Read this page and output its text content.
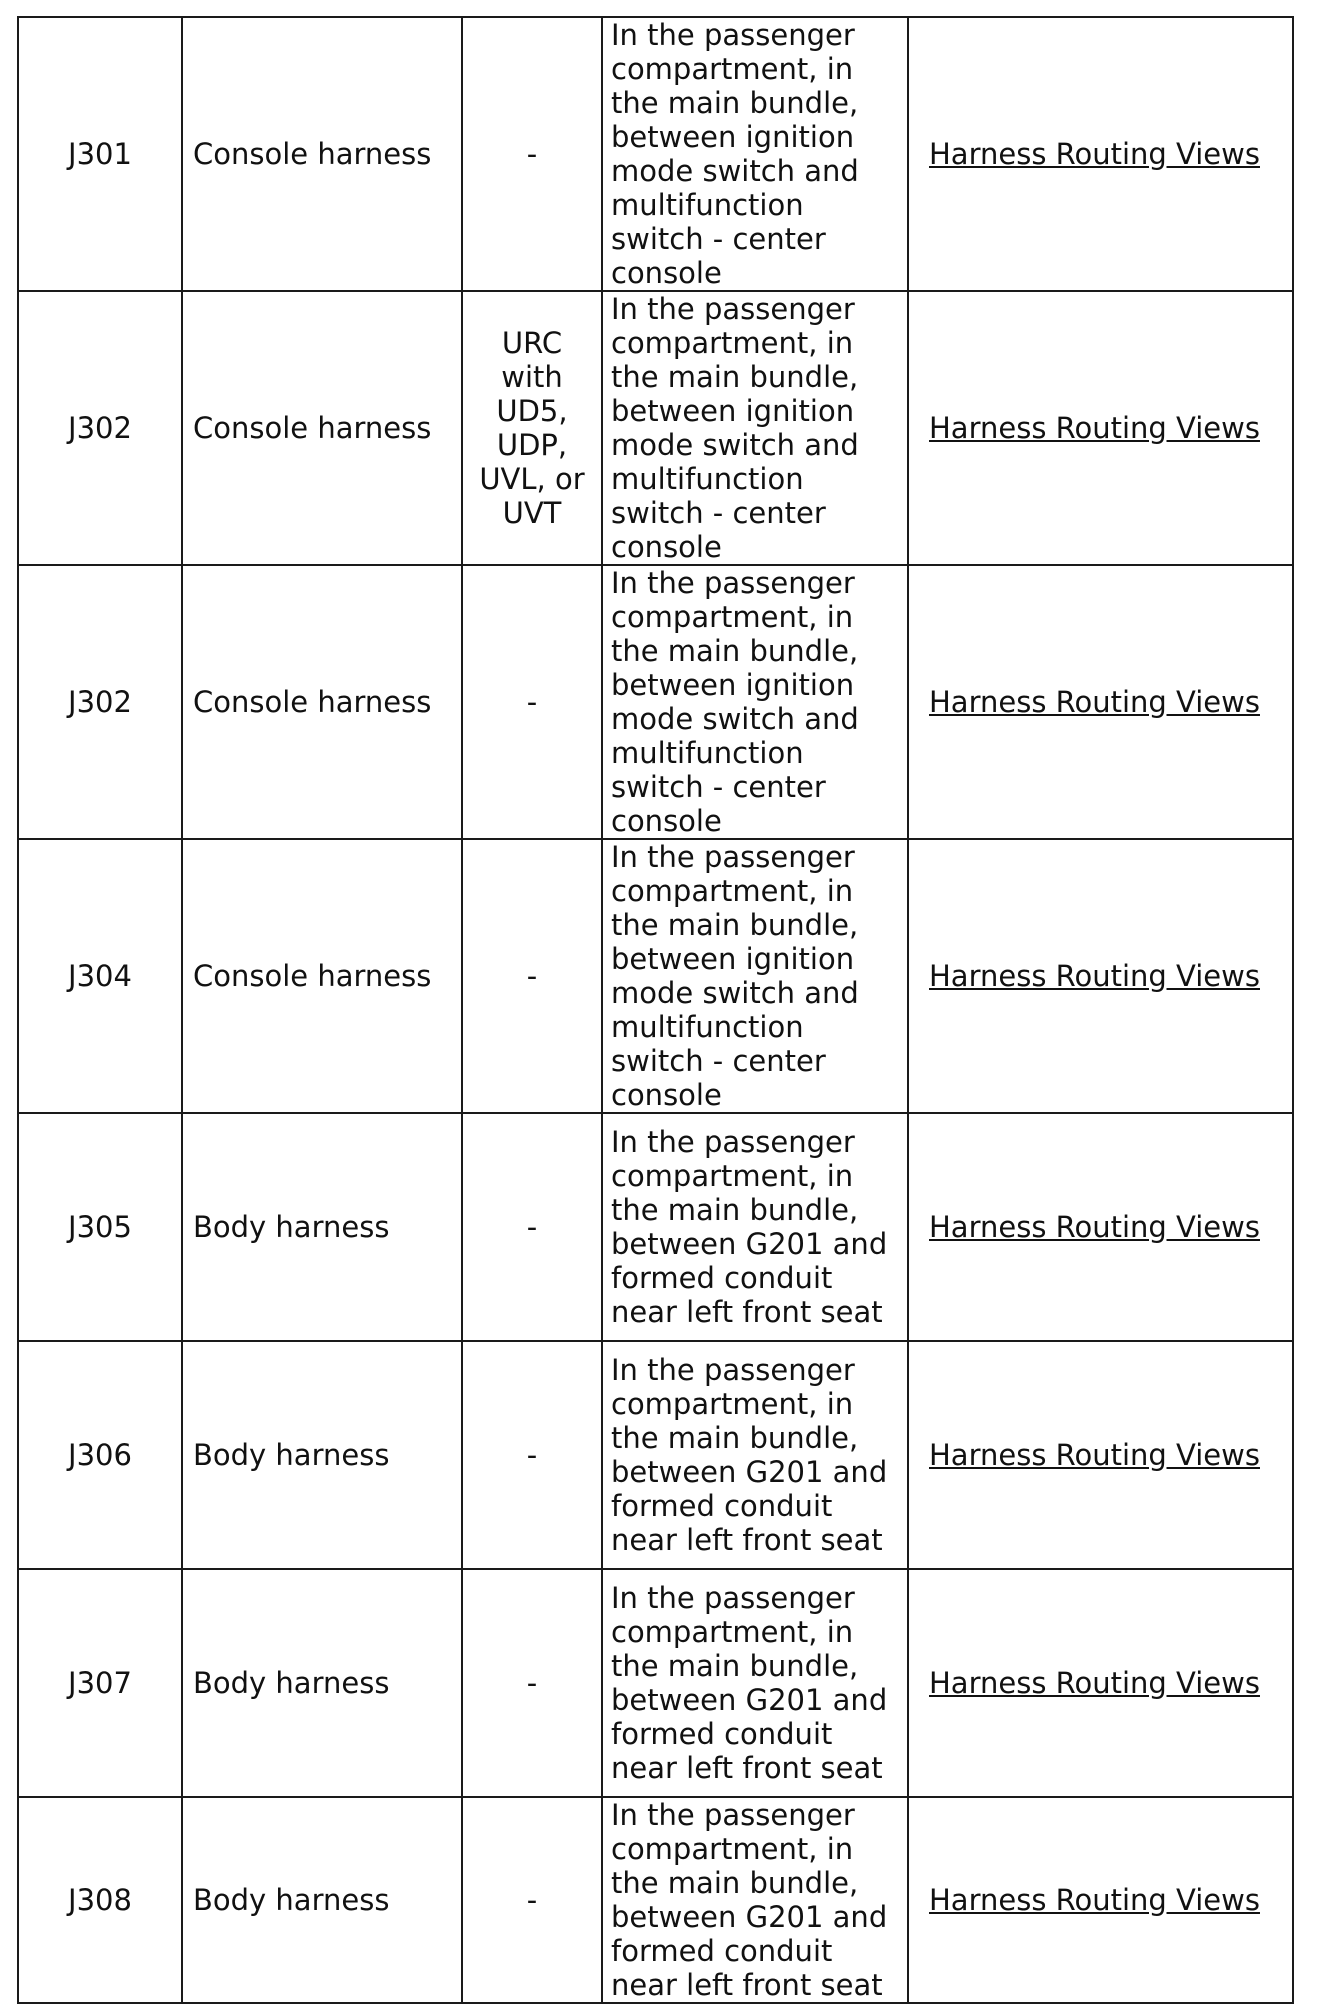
J301	Console harness	-	In the passenger compartment, in the main bundle, between ignition mode switch and multifunction switch - center console	Harness Routing Views
J302	Console harness	URC with UD5, UDP, UVL, or UVT	In the passenger compartment, in the main bundle, between ignition mode switch and multifunction switch - center console	Harness Routing Views
J302	Console harness	-	In the passenger compartment, in the main bundle, between ignition mode switch and multifunction switch - center console	Harness Routing Views
J304	Console harness	-	In the passenger compartment, in the main bundle, between ignition mode switch and multifunction switch - center console	Harness Routing Views
J305	Body harness	-	In the passenger compartment, in the main bundle, between G201 and formed conduit near left front seat	Harness Routing Views
J306	Body harness	-	In the passenger compartment, in the main bundle, between G201 and formed conduit near left front seat	Harness Routing Views
J307	Body harness	-	In the passenger compartment, in the main bundle, between G201 and formed conduit near left front seat	Harness Routing Views
J308	Body harness	-	In the passenger compartment, in the main bundle, between G201 and formed conduit near left front seat	Harness Routing Views
